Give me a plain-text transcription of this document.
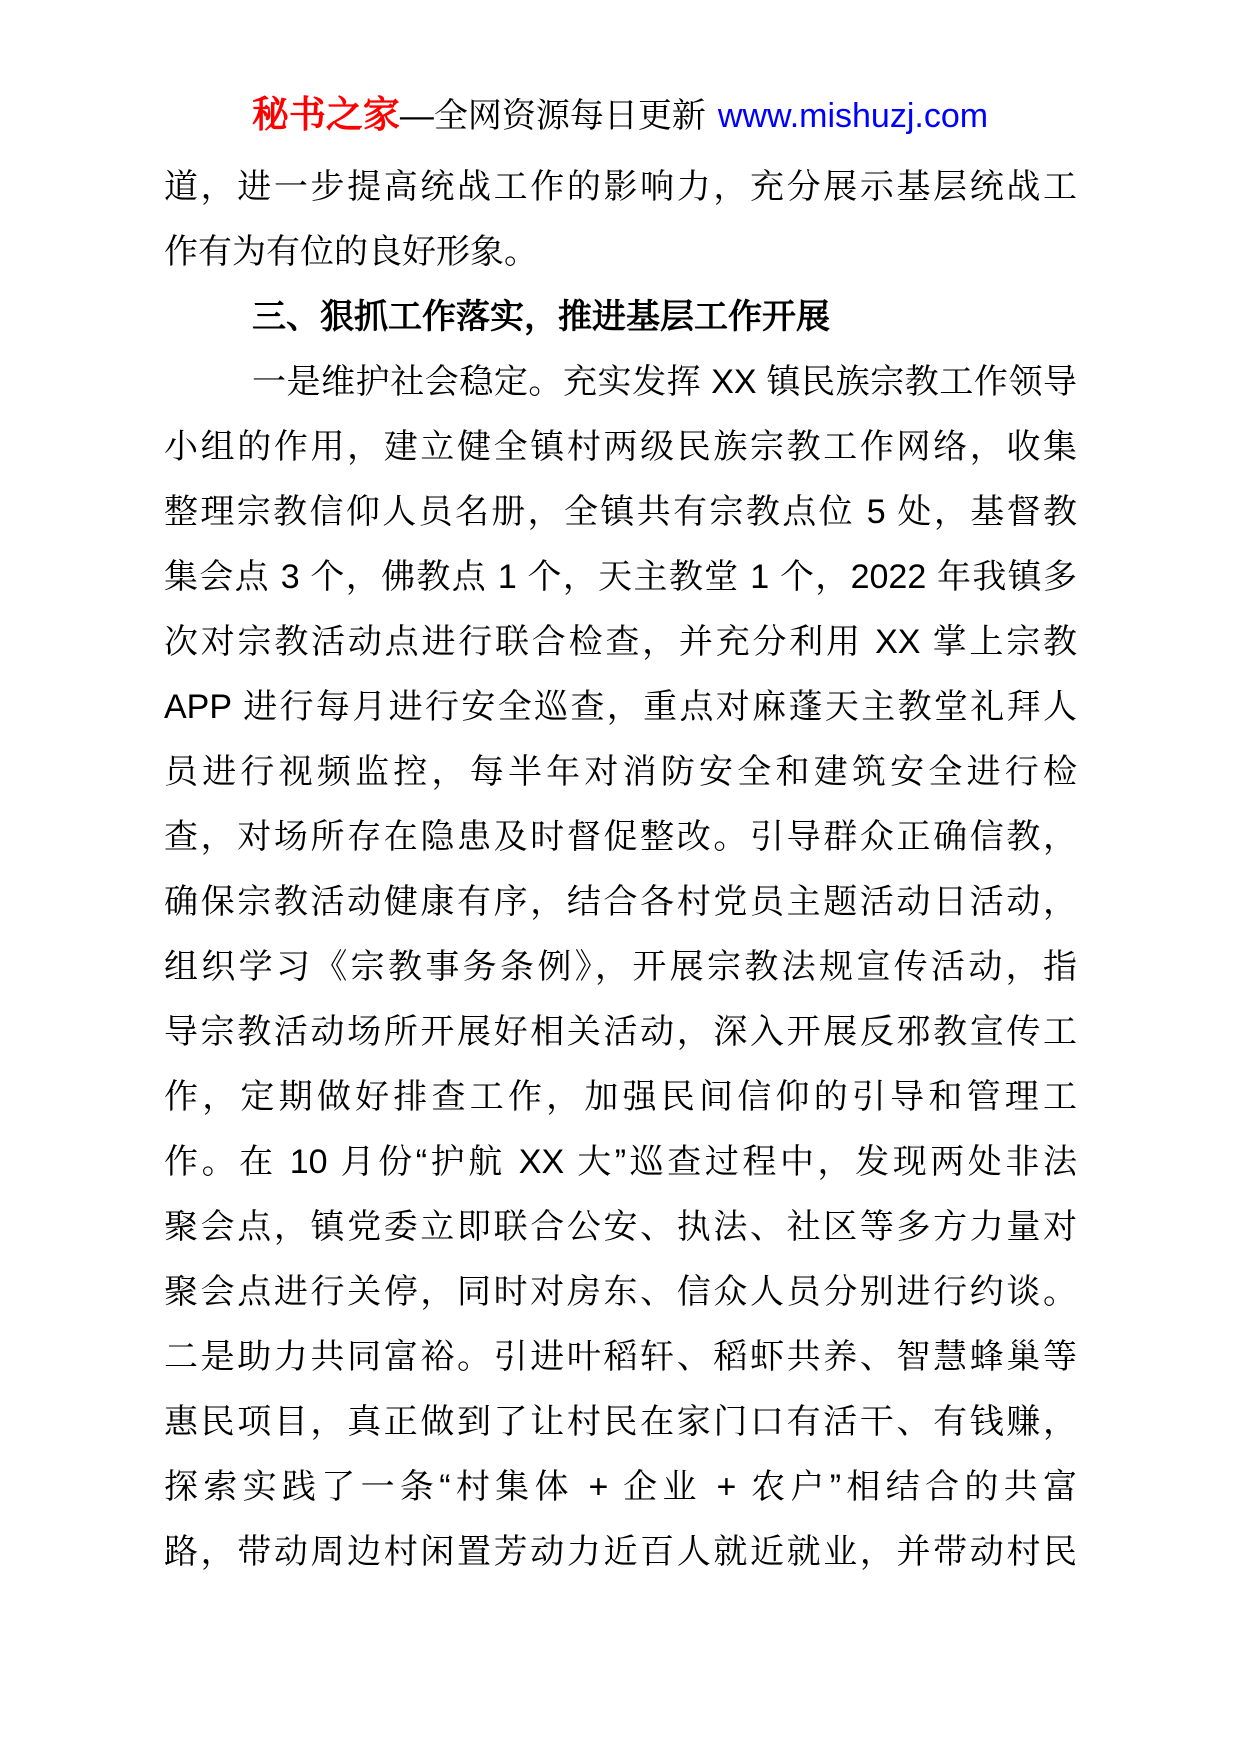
秘书之家—全网资源每日更新 www.mishuzj.com
道，进一步提高统战工作的影响力，充分展示基层统战工
作有为有位的良好形象。
三、狠抓工作落实，推进基层工作开展
一是维护社会稳定。充实发挥 XX 镇民族宗教工作领导
小组的作用，建立健全镇村两级民族宗教工作网络，收集
整理宗教信仰人员名册，全镇共有宗教点位 5 处，基督教
集会点 3 个，佛教点 1 个，天主教堂 1 个，2022 年我镇多
次对宗教活动点进行联合检查，并充分利用 XX 掌上宗教
APP 进行每月进行安全巡查，重点对麻蓬天主教堂礼拜人
员进行视频监控，每半年对消防安全和建筑安全进行检
查，对场所存在隐患及时督促整改。引导群众正确信教，
确保宗教活动健康有序，结合各村党员主题活动日活动，
组织学习《宗教事务条例》，开展宗教法规宣传活动，指
导宗教活动场所开展好相关活动，深入开展反邪教宣传工
作，定期做好排查工作，加强民间信仰的引导和管理工
作。在 10 月份“护航 XX 大”巡查过程中，发现两处非法
聚会点，镇党委立即联合公安、执法、社区等多方力量对
聚会点进行关停，同时对房东、信众人员分别进行约谈。
二是助力共同富裕。引进叶稻轩、稻虾共养、智慧蜂巢等
惠民项目，真正做到了让村民在家门口有活干、有钱赚，
探索实践了一条“村集体 + 企业 + 农户”相结合的共富
路，带动周边村闲置芳动力近百人就近就业，并带动村民
